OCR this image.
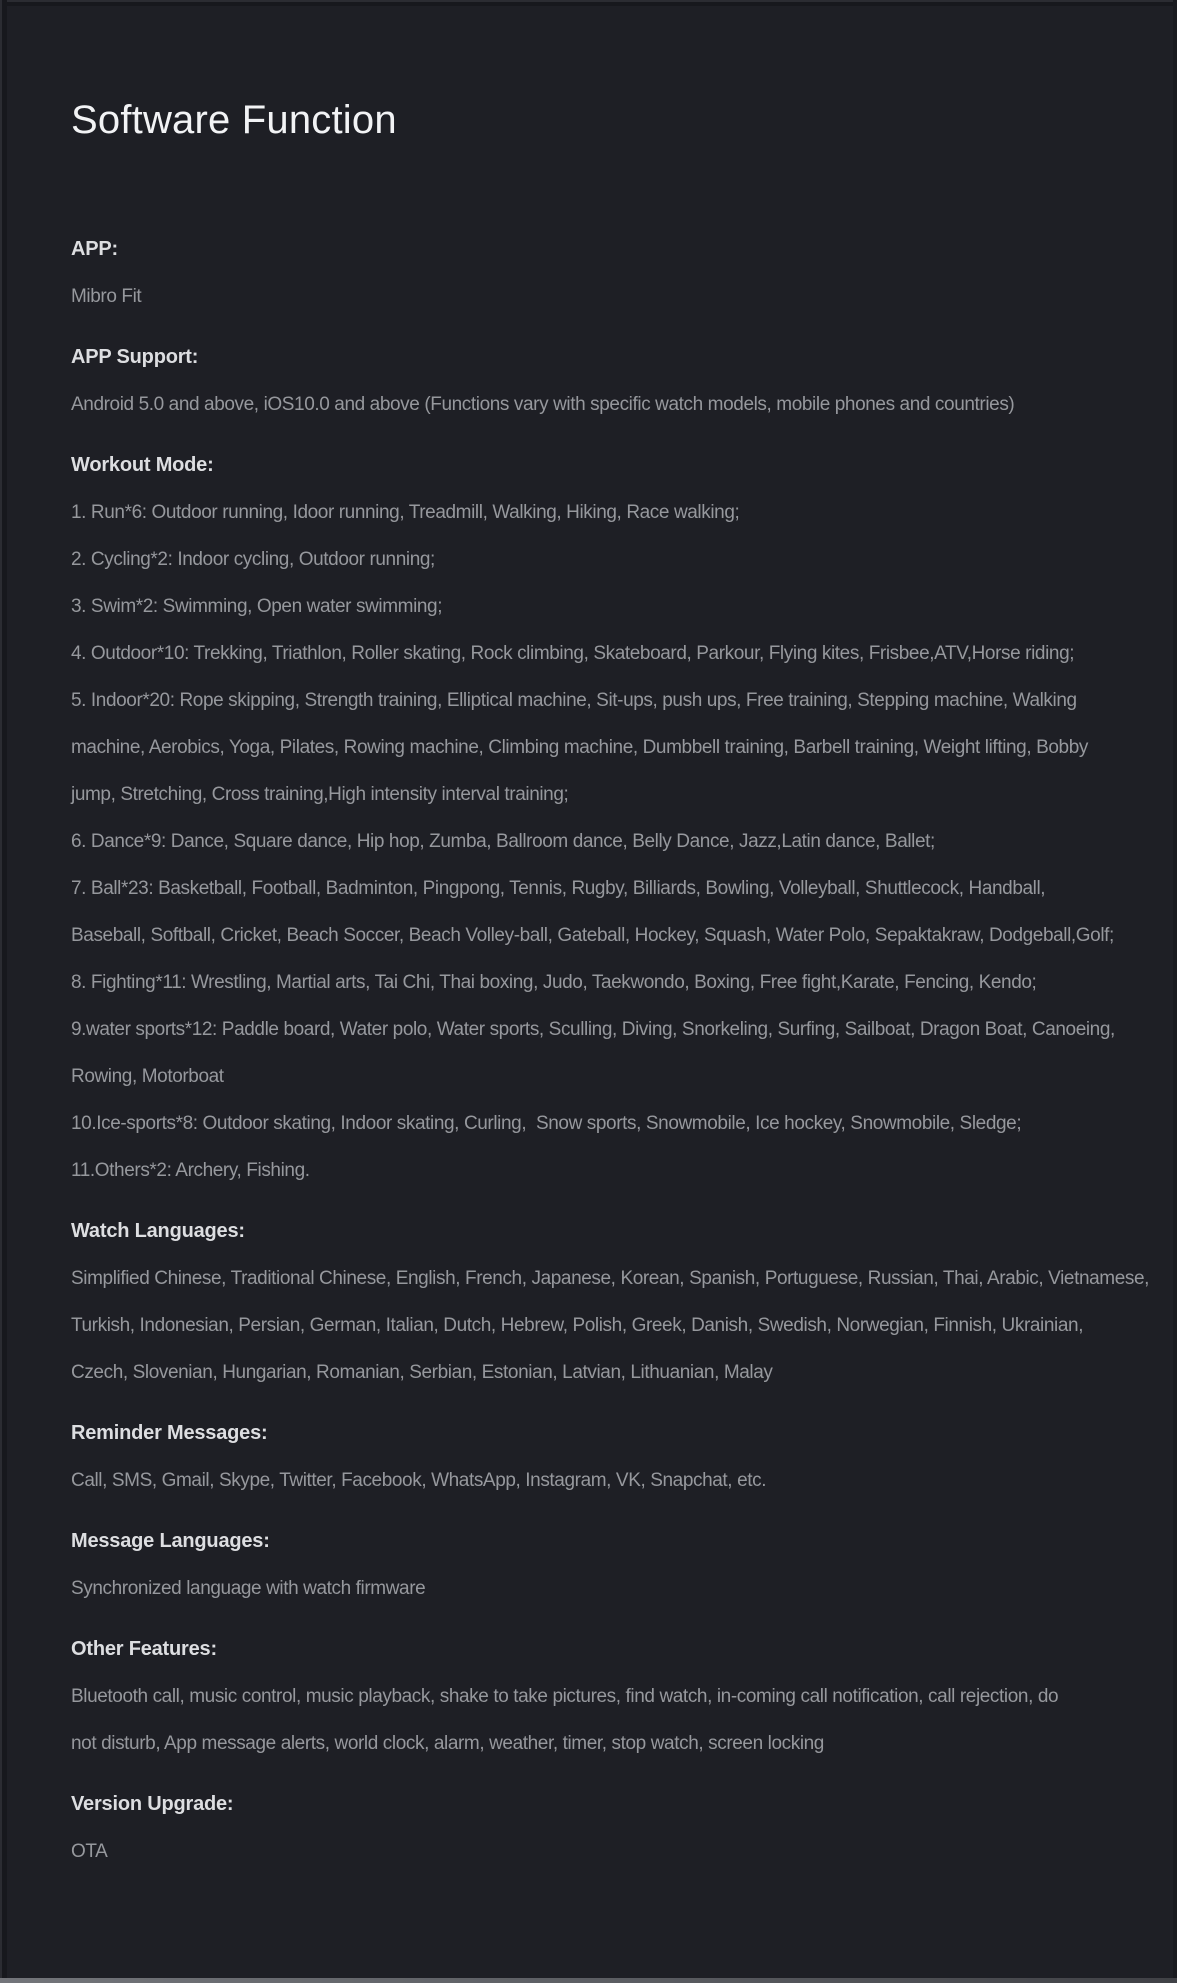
Software Function
APP:
Mibro Fit
APP Support:
Android 5.0 and above, iOS10.0 and above (Functions vary with specific watch models, mobile phones and countries)
Workout Mode:
1. Run*6: Outdoor running, Idoor running, Treadmill, Walking, Hiking, Race walking;
2. Cycling*2: Indoor cycling, Outdoor running;
3. Swim*2: Swimming, Open water swimming;
4. Outdoor*10: Trekking, Triathlon, Roller skating, Rock climbing, Skateboard, Parkour, Flying kites, Frisbee,ATV,Horse riding;
5. Indoor*20: Rope skipping, Strength training, Elliptical machine, Sit-ups, push ups, Free training, Stepping machine, Walking
machine, Aerobics, Yoga, Pilates, Rowing machine, Climbing machine, Dumbbell training, Barbell training, Weight lifting, Bobby
jump, Stretching, Cross training,High intensity interval training;
6. Dance*9: Dance, Square dance, Hip hop, Zumba, Ballroom dance, Belly Dance, Jazz,Latin dance, Ballet;
7. Ball*23: Basketball, Football, Badminton, Pingpong, Tennis, Rugby, Billiards, Bowling, Volleyball, Shuttlecock, Handball,
Baseball, Softball, Cricket, Beach Soccer, Beach Volley-ball, Gateball, Hockey, Squash, Water Polo, Sepaktakraw, Dodgeball,Golf;
8. Fighting*11: Wrestling, Martial arts, Tai Chi, Thai boxing, Judo, Taekwondo, Boxing, Free fight,Karate, Fencing, Kendo;
9.water sports*12: Paddle board, Water polo, Water sports, Sculling, Diving, Snorkeling, Surfing, Sailboat, Dragon Boat, Canoeing,
Rowing, Motorboat
10.Ice-sports*8: Outdoor skating, Indoor skating, Curling,  Snow sports, Snowmobile, Ice hockey, Snowmobile, Sledge;
11.Others*2: Archery, Fishing.
Watch Languages:
Simplified Chinese, Traditional Chinese, English, French, Japanese, Korean, Spanish, Portuguese, Russian, Thai, Arabic, Vietnamese,
Turkish, Indonesian, Persian, German, Italian, Dutch, Hebrew, Polish, Greek, Danish, Swedish, Norwegian, Finnish, Ukrainian,
Czech, Slovenian, Hungarian, Romanian, Serbian, Estonian, Latvian, Lithuanian, Malay
Reminder Messages:
Call, SMS, Gmail, Skype, Twitter, Facebook, WhatsApp, Instagram, VK, Snapchat, etc.
Message Languages:
Synchronized language with watch firmware
Other Features:
Bluetooth call, music control, music playback, shake to take pictures, find watch, in-coming call notification, call rejection, do
not disturb, App message alerts, world clock, alarm, weather, timer, stop watch, screen locking
Version Upgrade:
OTA
